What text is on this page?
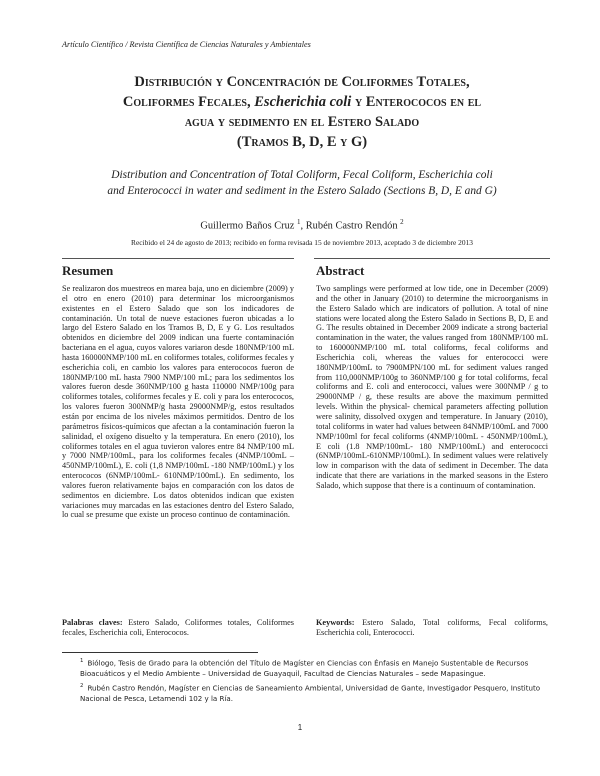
Artículo Científico / Revista Científica de Ciencias Naturales y Ambientales
Distribución y Concentración de Coliformes Totales,
Coliformes Fecales, Escherichia coli y Enterococos en el
agua y sedimento en el Estero Salado
(Tramos B, D, E y G)
Distribution and Concentration of Total Coliform, Fecal Coliform, Escherichia coli
and Enterococci in water and sediment in the Estero Salado (Sections B, D, E and G)
Guillermo Baños Cruz $^1$, Rubén Castro Rendón $^2$
Recibido el 24 de agosto de 2013; recibido en forma revisada 15 de noviembre 2013, aceptado 3 de diciembre 2013
Resumen	Abstract
Se realizaron dos muestreos en marea baja, uno en diciembre (2009) y el otro en enero (2010) para determinar los microorganismos existentes en el Estero Salado que son los indicadores de contaminación. Un total de nueve estaciones fueron ubicadas a lo largo del Estero Salado en los Tramos B, D, E y G. Los resultados obtenidos en diciembre del 2009 indican una fuerte contaminación bacteriana en el agua, cuyos valores variaron desde 180NMP/100 mL hasta 160000NMP/100 mL en coliformes totales, coliformes fecales y escherichia coli, en cambio los valores para enterococos fueron de 180NMP/100 mL hasta 7900 NMP/100 mL; para los sedimentos los valores fueron desde 360NMP/100 g hasta 110000 NMP/100g para coliformes totales, coliformes fecales y E. coli y para los enterococos, los valores fueron 300NMP/g hasta 29000NMP/g, estos resultados están por encima de los niveles máximos permitidos. Dentro de los parámetros físicos-químicos que afectan a la contaminación fueron la salinidad, el oxígeno disuelto y la temperatura. En enero (2010), los coliformes totales en el agua tuvieron valores entre 84 NMP/100 mL y 7000 NMP/100mL, para los coliformes fecales (4NMP/100mL – 450NMP/100mL), E. coli (1,8 NMP/100mL -180 NMP/100mL) y los enterococos (6NMP/100mL- 610NMP/100mL). En sedimento, los valores fueron relativamente bajos en comparación con los datos de sedimentos en diciembre. Los datos obtenidos indican que existen variaciones muy marcadas en las estaciones dentro del Estero Salado, lo cual se presume que existe un proceso continuo de contaminación.
Two samplings were performed at low tide, one in December (2009) and the other in January (2010) to determine the microorganisms in the Estero Salado which are indicators of pollution. A total of nine stations were located along the Estero Salado in Sections B, D, E and G. The results obtained in December 2009 indicate a strong bacterial contamination in the water, the values ranged from 180NMP/100 mL to 160000NMP/100 mL total coliforms, fecal coliforms and Escherichia coli, whereas the values for enterococci were 180NMP/100mL to 7900MPN/100 mL for sediment values ranged from 110,000NMP/100g to 360NMP/100 g for total coliforms, fecal coliforms and E. coli and enterococci, values were 300NMP / g to 29000NMP / g, these results are above the maximum permitted levels. Within the physical- chemical parameters affecting pollution were salinity, dissolved oxygen and temperature. In January (2010), total coliforms in water had values between 84NMP/100mL and 7000 NMP/100ml for fecal coliforms (4NMP/100mL - 450NMP/100mL), E coli (1.8 NMP/100mL- 180 NMP/100mL) and enterococci (6NMP/100mL-610NMP/100mL). In sediment values were relatively low in comparison with the data of sediment in December. The data indicate that there are variations in the marked seasons in the Estero Salado, which suppose that there is a continuum of contamination.
Palabras claves: Estero Salado, Coliformes totales, Coliformes fecales, Escherichia coli, Enterococos.
Keywords: Estero Salado, Total coliforms, Fecal coliforms, Escherichia coli, Enterococci.

$^1$ Biólogo, Tesis de Grado para la obtención del Título de Magíster en Ciencias con Énfasis en Manejo Sustentable de Recursos Bioacuáticos y el Medio Ambiente – Universidad de Guayaquil, Facultad de Ciencias Naturales – sede Mapasingue.

$^2$ Rubén Castro Rendón, Magíster en Ciencias de Saneamiento Ambiental, Universidad de Gante, Investigador Pesquero, Instituto Nacional de Pesca, Letamendi 102 y la Ría.

1
